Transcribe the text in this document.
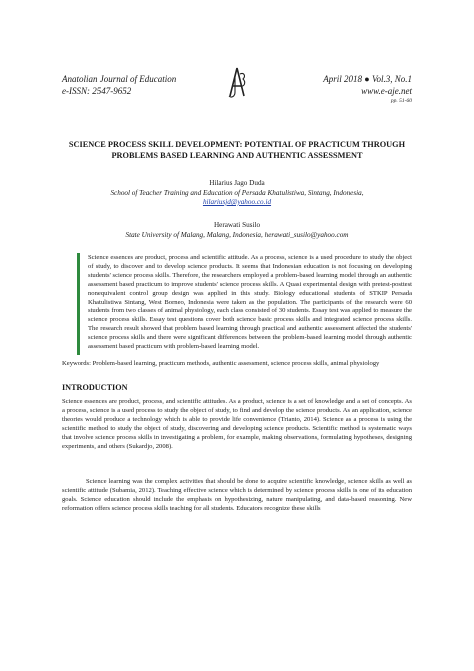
Anatolian Journal of Education
e-ISSN: 2547-9652
April 2018 ● Vol.3, No.1
www.e-aje.net
pp. 51-60
SCIENCE PROCESS SKILL DEVELOPMENT: POTENTIAL OF PRACTICUM THROUGH PROBLEMS BASED LEARNING AND AUTHENTIC ASSESSMENT
Hilarius Jago Duda
School of Teacher Training and Education of Persada Khatulistiwa, Sintang, Indonesia,
hilariusjd@yahoo.co.id
Herawati Susilo
State University of Malang, Malang, Indonesia, herawati_susilo@yahoo.com

Science essences are product, process and scientific attitude. As a process, science is a used procedure to study the object of study, to discover and to develop science products. It seems that Indonesian education is not focusing on developing students' science process skills. Therefore, the researchers employed a problem-based learning model through an authentic assessment based practicum to improve students' science process skills. A Quasi experimental design with pretest-posttest nonequivalent control group design was applied in this study. Biology educational students of STKIP Persada Khatulistiwa Sintang, West Borneo, Indonesia were taken as the population. The participants of the research were 60 students from two classes of animal physiology, each class consisted of 30 students. Essay test was applied to measure the science process skills. Essay test questions cover both science basic process skills and integrated science process skills. The research result showed that problem based learning through practical and authentic assessment affected the students' science process skills and there were significant differences between the problem-based learning model through authentic assessment based practicum with problem-based learning model.

Keywords: Problem-based learning, practicum methods, authentic assessment, science process skills, animal physiology

INTRODUCTION

Science essences are product, process, and scientific attitudes. As a product, science is a set of knowledge and a set of concepts. As a process, science is a used process to study the object of study, to find and develop the science products. As an application, science theories would produce a technology which is able to provide life convenience (Trianto, 2014). Science as a process is using the scientific method to study the object of study, discovering and developing science products. Scientific method is systematic ways that involve science process skills in investigating a problem, for example, making observations, formulating hypotheses, designing experiments, and others (Sukardjo, 2008).

Science learning was the complex activities that should be done to acquire scientific knowledge, science skills as well as scientific attitude (Subamia, 2012). Teaching effective science which is determined by science process skills is one of its education goals. Science education should include the emphasis on hypothesizing, nature manipulating, and data-based reasoning. New reformation offers science process skills teaching for all students. Educators recognize these skills
